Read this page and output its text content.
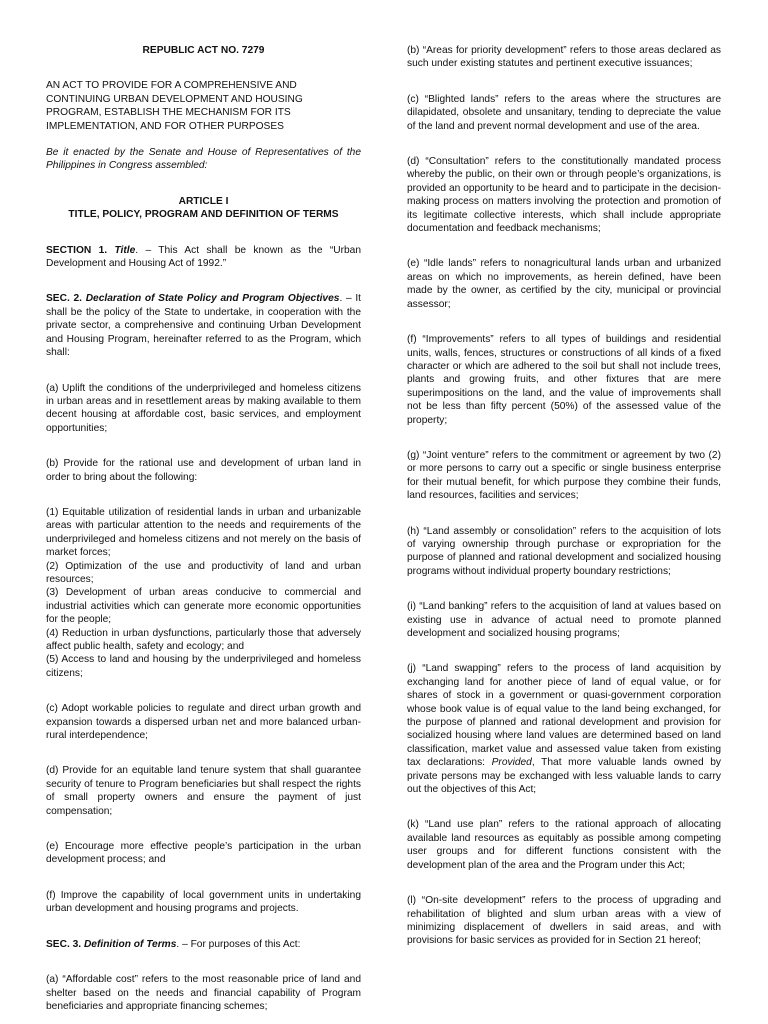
REPUBLIC ACT NO. 7279

AN ACT TO PROVIDE FOR A COMPREHENSIVE AND CONTINUING URBAN DEVELOPMENT AND HOUSING PROGRAM, ESTABLISH THE MECHANISM FOR ITS IMPLEMENTATION, AND FOR OTHER PURPOSES

Be it enacted by the Senate and House of Representatives of the Philippines in Congress assembled:

ARTICLE I

TITLE, POLICY, PROGRAM AND DEFINITION OF TERMS

SECTION 1. Title. – This Act shall be known as the “Urban Development and Housing Act of 1992.”

SEC. 2. Declaration of State Policy and Program Objectives. – It shall be the policy of the State to undertake, in cooperation with the private sector, a comprehensive and continuing Urban Development and Housing Program, hereinafter referred to as the Program, which shall:

(a) Uplift the conditions of the underprivileged and homeless citizens in urban areas and in resettlement areas by making available to them decent housing at affordable cost, basic services, and employment opportunities;

(b) Provide for the rational use and development of urban land in order to bring about the following:

(1) Equitable utilization of residential lands in urban and urbanizable areas with particular attention to the needs and requirements of the underprivileged and homeless citizens and not merely on the basis of market forces;

(2) Optimization of the use and productivity of land and urban resources;

(3) Development of urban areas conducive to commercial and industrial activities which can generate more economic opportunities for the people;

(4) Reduction in urban dysfunctions, particularly those that adversely affect public health, safety and ecology; and

(5) Access to land and housing by the underprivileged and homeless citizens;

(c) Adopt workable policies to regulate and direct urban growth and expansion towards a dispersed urban net and more balanced urban-rural interdependence;

(d) Provide for an equitable land tenure system that shall guarantee security of tenure to Program beneficiaries but shall respect the rights of small property owners and ensure the payment of just compensation;

(e) Encourage more effective people’s participation in the urban development process; and

(f) Improve the capability of local government units in undertaking urban development and housing programs and projects.

SEC. 3. Definition of Terms. – For purposes of this Act:

(a) “Affordable cost” refers to the most reasonable price of land and shelter based on the needs and financial capability of Program beneficiaries and appropriate financing schemes;

(b) “Areas for priority development” refers to those areas declared as such under existing statutes and pertinent executive issuances;

(c) “Blighted lands” refers to the areas where the structures are dilapidated, obsolete and unsanitary, tending to depreciate the value of the land and prevent normal development and use of the area.

(d) “Consultation” refers to the constitutionally mandated process whereby the public, on their own or through people’s organizations, is provided an opportunity to be heard and to participate in the decision-making process on matters involving the protection and promotion of its legitimate collective interests, which shall include appropriate documentation and feedback mechanisms;

(e) “Idle lands” refers to nonagricultural lands urban and urbanized areas on which no improvements, as herein defined, have been made by the owner, as certified by the city, municipal or provincial assessor;

(f) “Improvements” refers to all types of buildings and residential units, walls, fences, structures or constructions of all kinds of a fixed character or which are adhered to the soil but shall not include trees, plants and growing fruits, and other fixtures that are mere superimpositions on the land, and the value of improvements shall not be less than fifty percent (50%) of the assessed value of the property;

(g) “Joint venture” refers to the commitment or agreement by two (2) or more persons to carry out a specific or single business enterprise for their mutual benefit, for which purpose they combine their funds, land resources, facilities and services;

(h) “Land assembly or consolidation” refers to the acquisition of lots of varying ownership through purchase or expropriation for the purpose of planned and rational development and socialized housing programs without individual property boundary restrictions;

(i) “Land banking” refers to the acquisition of land at values based on existing use in advance of actual need to promote planned development and socialized housing programs;

(j) “Land swapping” refers to the process of land acquisition by exchanging land for another piece of land of equal value, or for shares of stock in a government or quasi-government corporation whose book value is of equal value to the land being exchanged, for the purpose of planned and rational development and provision for socialized housing where land values are determined based on land classification, market value and assessed value taken from existing tax declarations: Provided, That more valuable lands owned by private persons may be exchanged with less valuable lands to carry out the objectives of this Act;

(k) “Land use plan” refers to the rational approach of allocating available land resources as equitably as possible among competing user groups and for different functions consistent with the development plan of the area and the Program under this Act;

(l) “On-site development” refers to the process of upgrading and rehabilitation of blighted and slum urban areas with a view of minimizing displacement of dwellers in said areas, and with provisions for basic services as provided for in Section 21 hereof;
